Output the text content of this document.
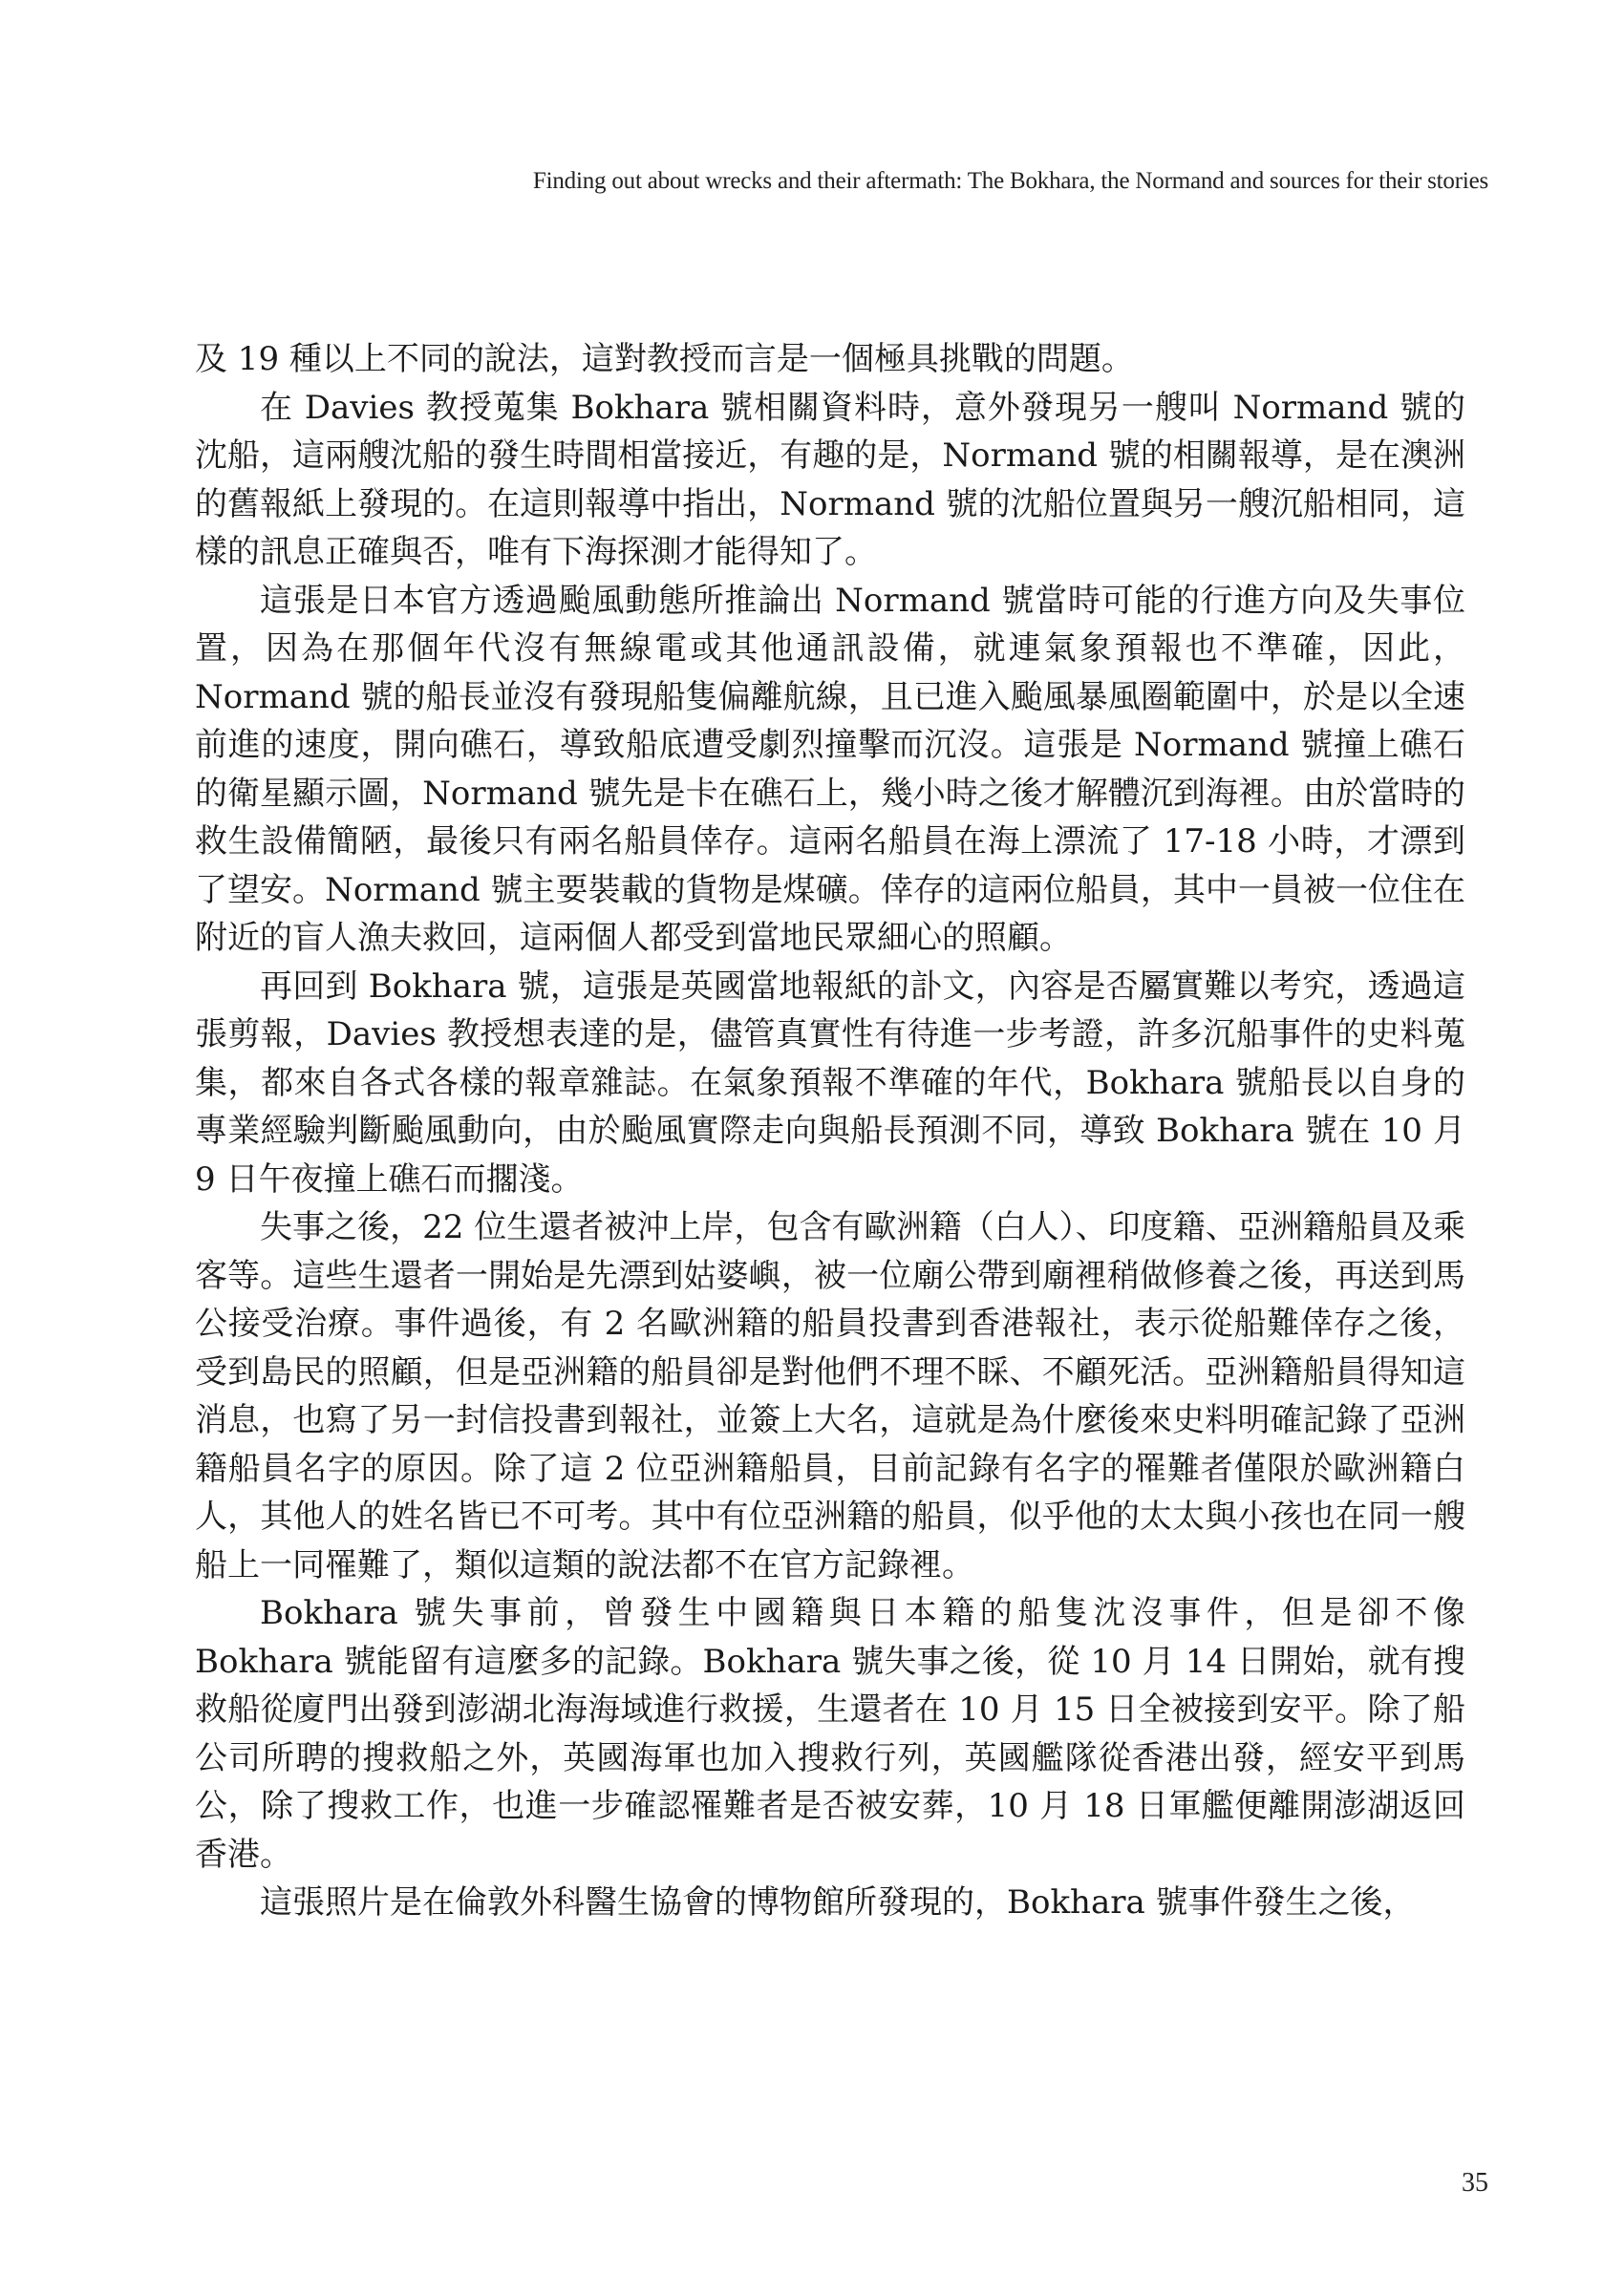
Finding out about wrecks and their aftermath: The Bokhara, the Normand and sources for their stories

及 19 種以上不同的說法，這對教授而言是一個極具挑戰的問題。

在 Davies 教授蒐集 Bokhara 號相關資料時，意外發現另一艘叫 Normand 號的沈船，這兩艘沈船的發生時間相當接近，有趣的是，Normand 號的相關報導，是在澳洲的舊報紙上發現的。在這則報導中指出，Normand 號的沈船位置與另一艘沉船相同，這樣的訊息正確與否，唯有下海探測才能得知了。

這張是日本官方透過颱風動態所推論出 Normand 號當時可能的行進方向及失事位置，因為在那個年代沒有無線電或其他通訊設備，就連氣象預報也不準確，因此，Normand 號的船長並沒有發現船隻偏離航線，且已進入颱風暴風圈範圍中，於是以全速前進的速度，開向礁石，導致船底遭受劇烈撞擊而沉沒。這張是 Normand 號撞上礁石的衛星顯示圖，Normand 號先是卡在礁石上，幾小時之後才解體沉到海裡。由於當時的救生設備簡陋，最後只有兩名船員倖存。這兩名船員在海上漂流了 17-18 小時，才漂到了望安。Normand 號主要裝載的貨物是煤礦。倖存的這兩位船員，其中一員被一位住在附近的盲人漁夫救回，這兩個人都受到當地民眾細心的照顧。

再回到 Bokhara 號，這張是英國當地報紙的訃文，內容是否屬實難以考究，透過這張剪報，Davies 教授想表達的是，儘管真實性有待進一步考證，許多沉船事件的史料蒐集，都來自各式各樣的報章雜誌。在氣象預報不準確的年代，Bokhara 號船長以自身的專業經驗判斷颱風動向，由於颱風實際走向與船長預測不同，導致 Bokhara 號在 10 月 9 日午夜撞上礁石而擱淺。

失事之後，22 位生還者被沖上岸，包含有歐洲籍（白人）、印度籍、亞洲籍船員及乘客等。這些生還者一開始是先漂到姑婆嶼，被一位廟公帶到廟裡稍做修養之後，再送到馬公接受治療。事件過後，有 2 名歐洲籍的船員投書到香港報社，表示從船難倖存之後，受到島民的照顧，但是亞洲籍的船員卻是對他們不理不睬、不顧死活。亞洲籍船員得知這消息，也寫了另一封信投書到報社，並簽上大名，這就是為什麼後來史料明確記錄了亞洲籍船員名字的原因。除了這 2 位亞洲籍船員，目前記錄有名字的罹難者僅限於歐洲籍白人，其他人的姓名皆已不可考。其中有位亞洲籍的船員，似乎他的太太與小孩也在同一艘船上一同罹難了，類似這類的說法都不在官方記錄裡。

Bokhara 號失事前，曾發生中國籍與日本籍的船隻沈沒事件，但是卻不像 Bokhara 號能留有這麼多的記錄。Bokhara 號失事之後，從 10 月 14 日開始，就有搜救船從廈門出發到澎湖北海海域進行救援，生還者在 10 月 15 日全被接到安平。除了船公司所聘的搜救船之外，英國海軍也加入搜救行列，英國艦隊從香港出發，經安平到馬公，除了搜救工作，也進一步確認罹難者是否被安葬，10 月 18 日軍艦便離開澎湖返回香港。

這張照片是在倫敦外科醫生協會的博物館所發現的，Bokhara 號事件發生之後，

35
